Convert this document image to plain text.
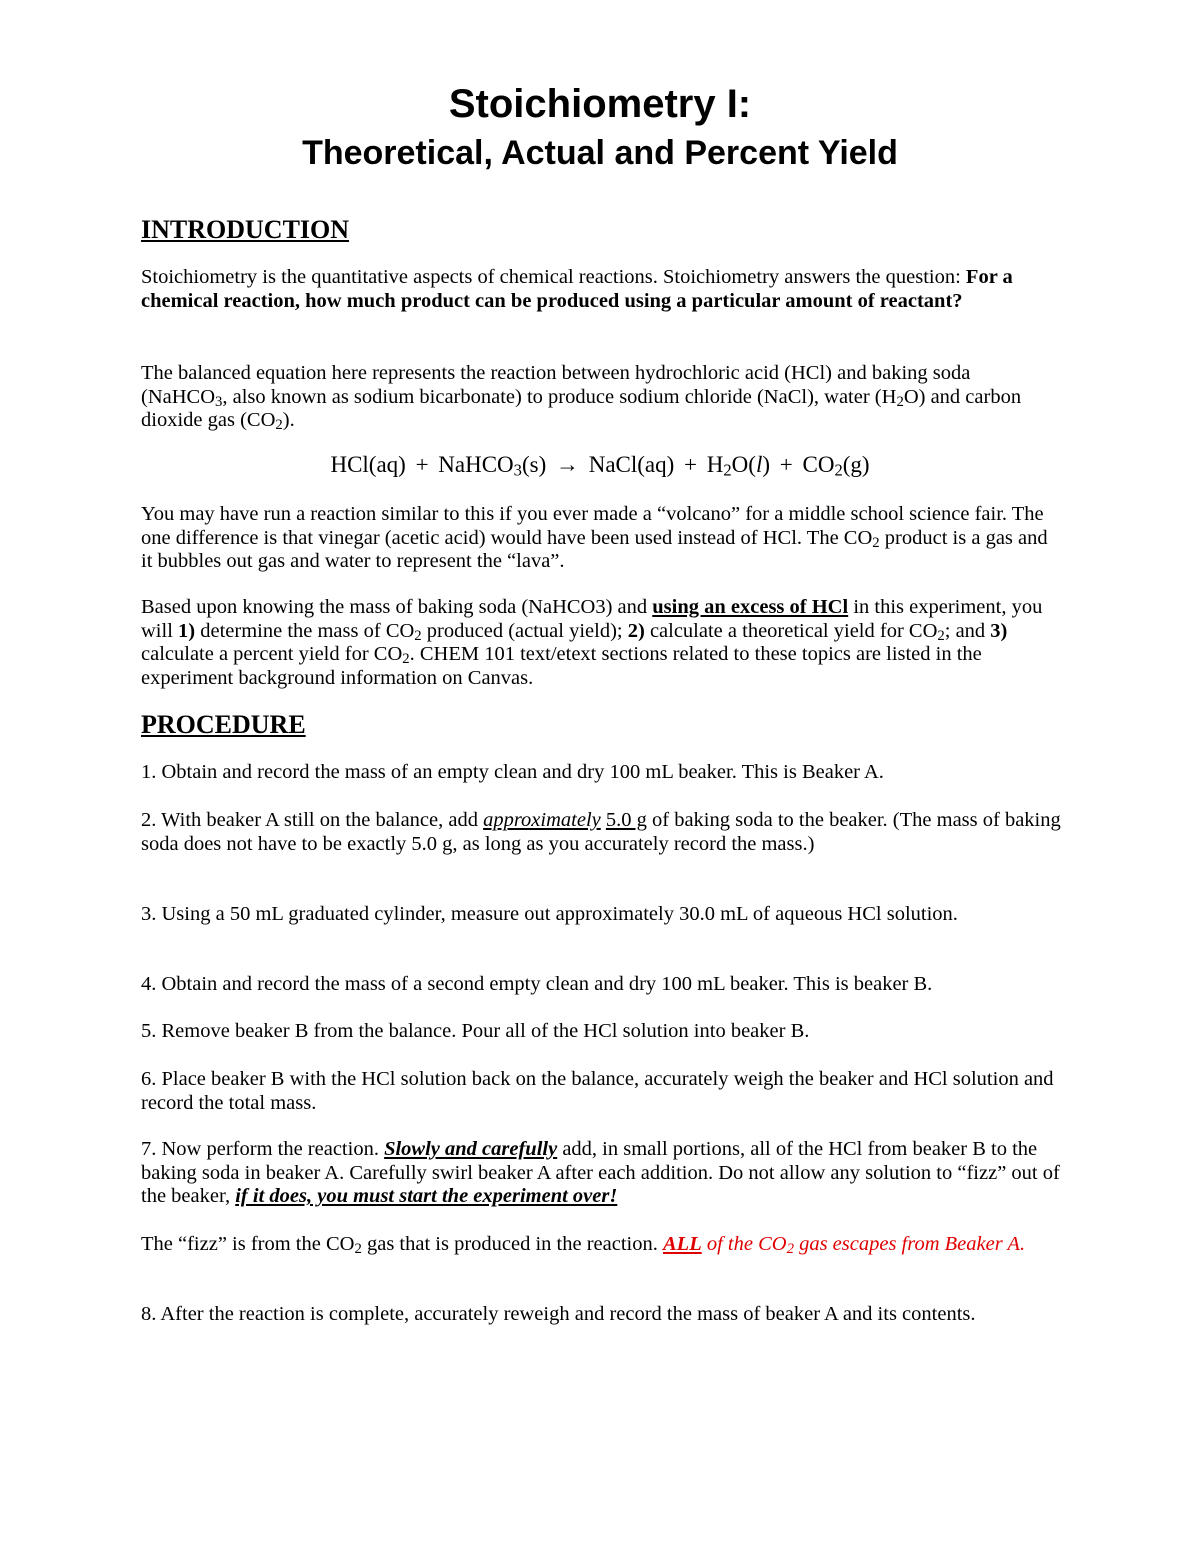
Stoichiometry I:
Theoretical, Actual and Percent Yield
INTRODUCTION

Stoichiometry is the quantitative aspects of chemical reactions. Stoichiometry answers the question: For a chemical reaction, how much product can be produced using a particular amount of reactant?

The balanced equation here represents the reaction between hydrochloric acid (HCl) and baking soda (NaHCO$_3$, also known as sodium bicarbonate) to produce sodium chloride (NaCl), water $(H_2O)$ and carbon dioxide gas $(CO_2)$.

HCl(aq) + NaHCO$_3$(s) → NaCl(aq) + $H_2O(l) + CO_2(g)$

You may have run a reaction similar to this if you ever made a “volcano” for a middle school science fair. The one difference is that vinegar (acetic acid) would have been used instead of HCl. The $CO_2$ product is a gas and it bubbles out gas and water to represent the “lava”.

Based upon knowing the mass of baking soda (NaHCO3) and using an excess of HCl in this experiment, you will 1) determine the mass of $CO_2$ produced (actual yield); 2) calculate a theoretical yield for $CO_2$; and 3) calculate a percent yield for $CO_2$. CHEM 101 text/etext sections related to these topics are listed in the experiment background information on Canvas.

PROCEDURE

1. Obtain and record the mass of an empty clean and dry 100 mL beaker. This is Beaker A.

2. With beaker A still on the balance, add approximately 5.0 g of baking soda to the beaker. (The mass of baking soda does not have to be exactly 5.0 g, as long as you accurately record the mass.)

3. Using a 50 mL graduated cylinder, measure out approximately 30.0 mL of aqueous HCl solution.

4. Obtain and record the mass of a second empty clean and dry 100 mL beaker. This is beaker B.

5. Remove beaker B from the balance. Pour all of the HCl solution into beaker B.

6. Place beaker B with the HCl solution back on the balance, accurately weigh the beaker and HCl solution and record the total mass.

7. Now perform the reaction. Slowly and carefully add, in small portions, all of the HCl from beaker B to the baking soda in beaker A. Carefully swirl beaker A after each addition. Do not allow any solution to “fizz” out of the beaker, if it does, you must start the experiment over!

The “fizz” is from the $CO_2$ gas that is produced in the reaction. ALL of the $CO_2$ gas escapes from Beaker A.

8. After the reaction is complete, accurately reweigh and record the mass of beaker A and its contents.
